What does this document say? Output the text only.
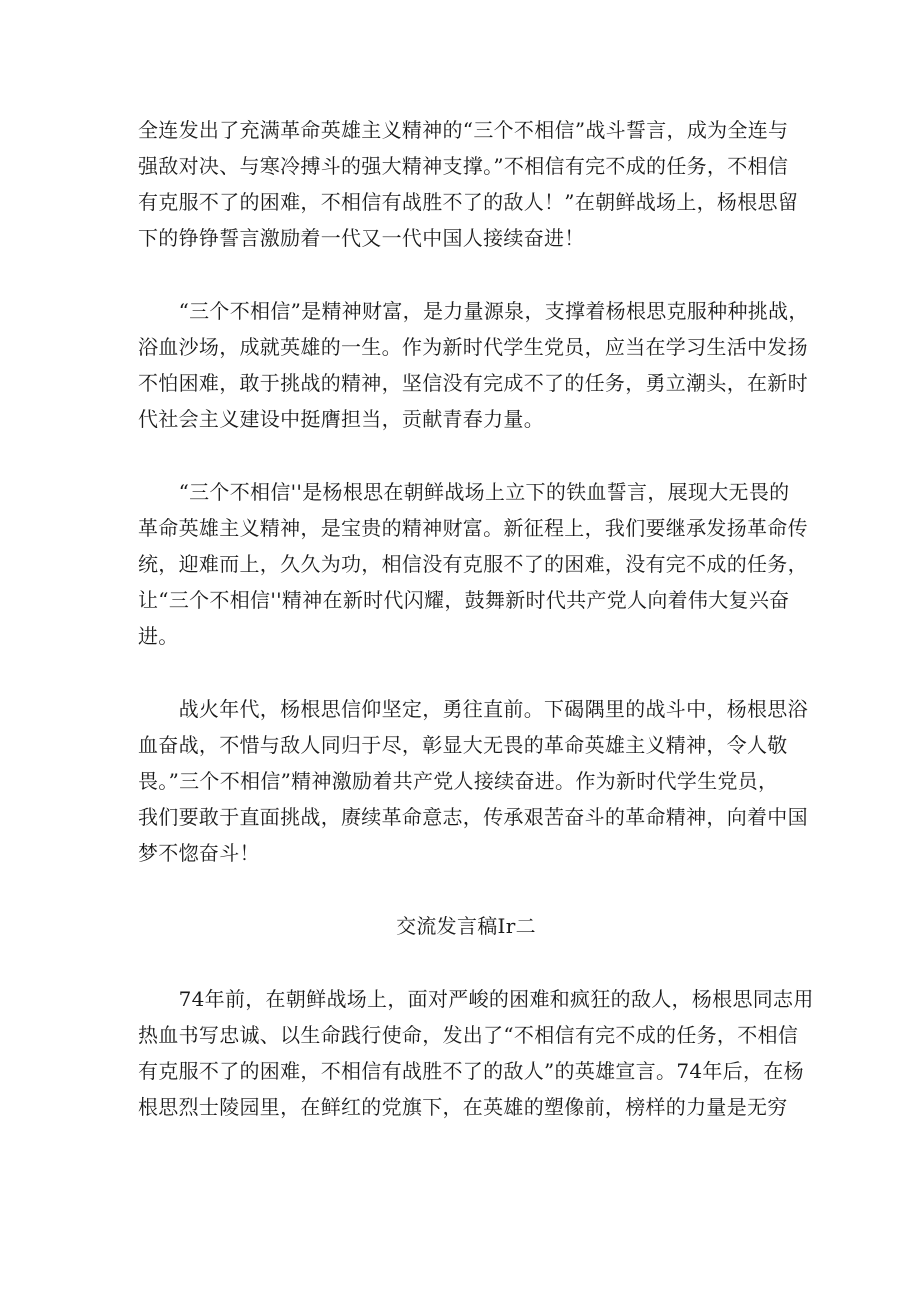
全连发出了充满革命英雄主义精神的“三个不相信”战斗誓言，成为全连与
强敌对决、与寒冷搏斗的强大精神支撑。”不相信有完不成的任务，不相信
有克服不了的困难，不相信有战胜不了的敌人！”在朝鲜战场上，杨根思留
下的铮铮誓言激励着一代又一代中国人接续奋进！

　　“三个不相信”是精神财富，是力量源泉，支撑着杨根思克服种种挑战，
浴血沙场，成就英雄的一生。作为新时代学生党员，应当在学习生活中发扬
不怕困难，敢于挑战的精神，坚信没有完成不了的任务，勇立潮头，在新时
代社会主义建设中挺膺担当，贡献青春力量。

　　“三个不相信''是杨根思在朝鲜战场上立下的铁血誓言，展现大无畏的
革命英雄主义精神，是宝贵的精神财富。新征程上，我们要继承发扬革命传
统，迎难而上，久久为功，相信没有克服不了的困难，没有完不成的任务，
让“三个不相信''精神在新时代闪耀，鼓舞新时代共产党人向着伟大复兴奋
进。

　　战火年代，杨根思信仰坚定，勇往直前。下碣隅里的战斗中，杨根思浴
血奋战，不惜与敌人同归于尽，彰显大无畏的革命英雄主义精神，令人敬
畏。”三个不相信”精神激励着共产党人接续奋进。作为新时代学生党员，
我们要敢于直面挑战，赓续革命意志，传承艰苦奋斗的革命精神，向着中国
梦不惚奋斗！

交流发言稿Ir二

　　74年前，在朝鲜战场上，面对严峻的困难和疯狂的敌人，杨根思同志用
热血书写忠诚、以生命践行使命，发出了“不相信有完不成的任务，不相信
有克服不了的困难，不相信有战胜不了的敌人”的英雄宣言。74年后，在杨
根思烈士陵园里，在鲜红的党旗下，在英雄的塑像前，榜样的力量是无穷
